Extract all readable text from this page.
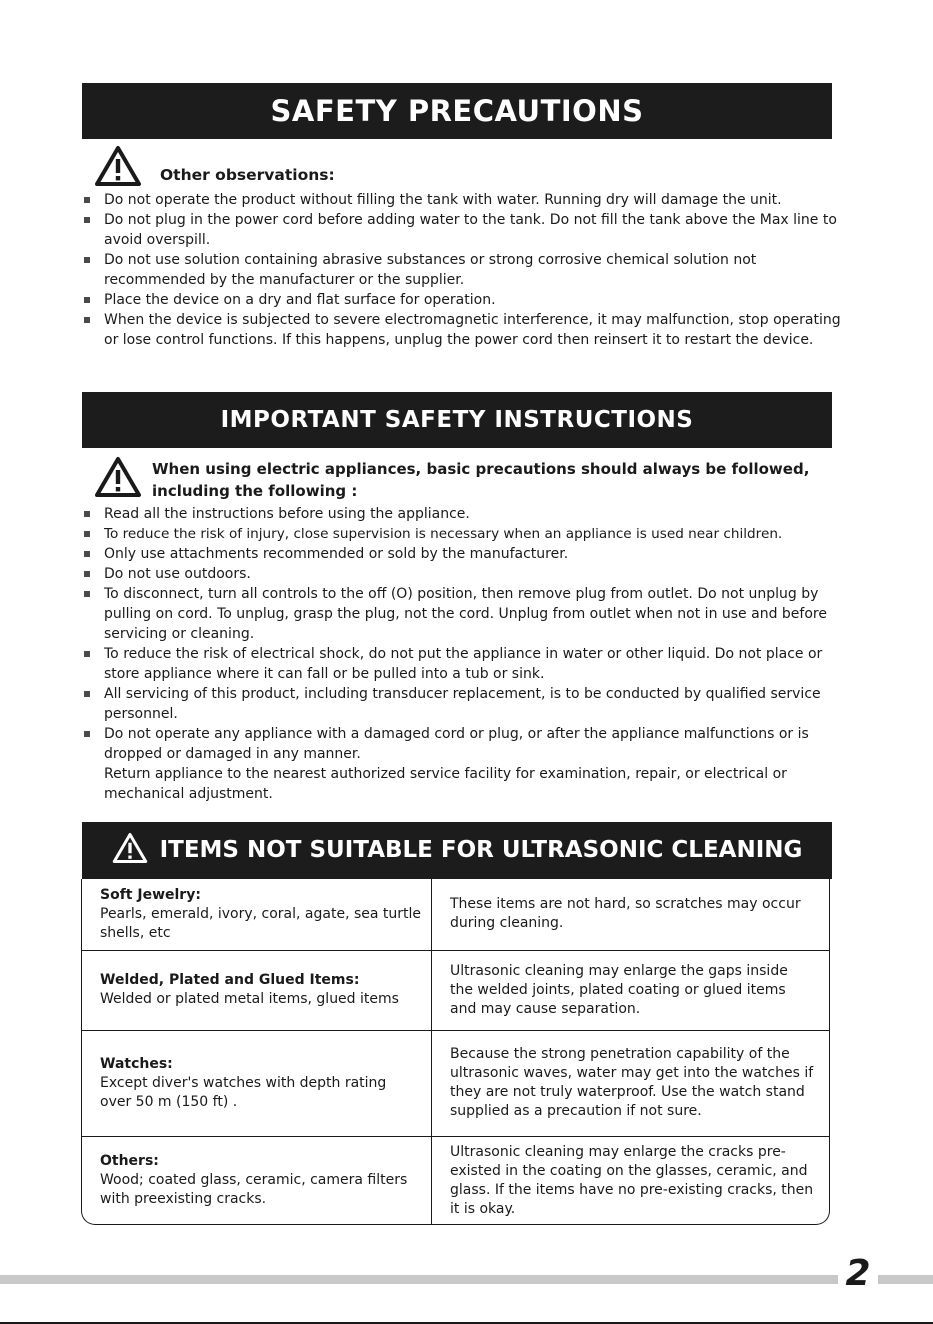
SAFETY PRECAUTIONS
Other observations:
Do not operate the product without filling the tank with water. Running dry will damage the unit.
Do not plug in the power cord before adding water to the tank. Do not fill the tank above the Max line to avoid overspill.
Do not use solution containing abrasive substances or strong corrosive chemical solution not recommended by the manufacturer or the supplier.
Place the device on a dry and flat surface for operation.
When the device is subjected to severe electromagnetic interference, it may malfunction, stop operating or lose control functions. If this happens, unplug the power cord then reinsert it to restart the device.
IMPORTANT SAFETY INSTRUCTIONS
When using electric appliances, basic precautions should always be followed, including the following :
Read all the instructions before using the appliance.
To reduce the risk of injury, close supervision is necessary when an appliance is used near children.
Only use attachments recommended or sold by the manufacturer.
Do not use outdoors.
To disconnect, turn all controls to the off (O) position, then remove plug from outlet. Do not unplug by pulling on cord. To unplug, grasp the plug, not the cord. Unplug from outlet when not in use and before servicing or cleaning.
To reduce the risk of electrical shock, do not put the appliance in water or other liquid. Do not place or store appliance where it can fall or be pulled into a tub or sink.
All servicing of this product, including transducer replacement, is to be conducted by qualified service personnel.
Do not operate any appliance with a damaged cord or plug, or after the appliance malfunctions or is dropped or damaged in any manner.
Return appliance to the nearest authorized service facility for examination, repair, or electrical or mechanical adjustment.
ITEMS NOT SUITABLE FOR ULTRASONIC CLEANING
Soft Jewelry:
Pearls, emerald, ivory, coral, agate, sea turtle shells, etc	These items are not hard, so scratches may occur during cleaning.

Welded, Plated and Glued Items:
Welded or plated metal items, glued items	Ultrasonic cleaning may enlarge the gaps inside the welded joints, plated coating or glued items and may cause separation.

Watches:
Except diver's watches with depth rating over 50 m (150 ft) .	Because the strong penetration capability of the ultrasonic waves, water may get into the watches if they are not truly waterproof. Use the watch stand supplied as a precaution if not sure.

Others:
Wood; coated glass, ceramic, camera filters with preexisting cracks.	Ultrasonic cleaning may enlarge the cracks pre-existed in the coating on the glasses, ceramic, and glass. If the items have no pre-existing cracks, then it is okay.
2
